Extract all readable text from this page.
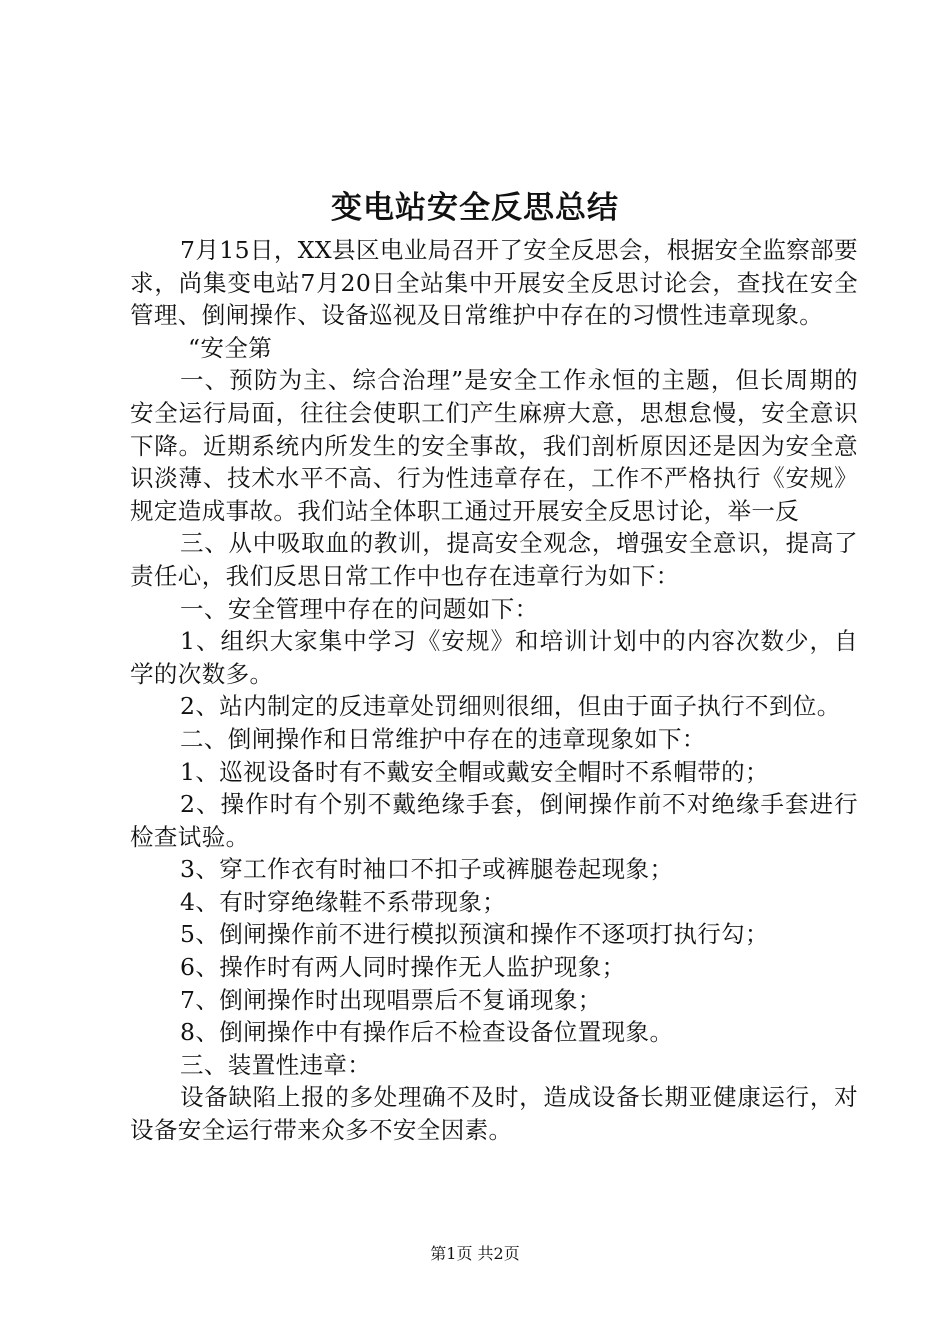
变电站安全反思总结

7月15日，XX县区电业局召开了安全反思会，根据安全监察部要求，尚集变电站7月20日全站集中开展安全反思讨论会，查找在安全管理、倒闸操作、设备巡视及日常维护中存在的习惯性违章现象。

“安全第

一、预防为主、综合治理”是安全工作永恒的主题，但长周期的安全运行局面，往往会使职工们产生麻痹大意，思想怠慢，安全意识下降。近期系统内所发生的安全事故，我们剖析原因还是因为安全意识淡薄、技术水平不高、行为性违章存在，工作不严格执行《安规》规定造成事故。我们站全体职工通过开展安全反思讨论，举一反

三、从中吸取血的教训，提高安全观念，增强安全意识，提高了责任心，我们反思日常工作中也存在违章行为如下：

一、安全管理中存在的问题如下：

1、组织大家集中学习《安规》和培训计划中的内容次数少，自学的次数多。

2、站内制定的反违章处罚细则很细，但由于面子执行不到位。

二、倒闸操作和日常维护中存在的违章现象如下：

1、巡视设备时有不戴安全帽或戴安全帽时不系帽带的；

2、操作时有个别不戴绝缘手套，倒闸操作前不对绝缘手套进行检查试验。

3、穿工作衣有时袖口不扣子或裤腿卷起现象；

4、有时穿绝缘鞋不系带现象；

5、倒闸操作前不进行模拟预演和操作不逐项打执行勾；

6、操作时有两人同时操作无人监护现象；

7、倒闸操作时出现唱票后不复诵现象；

8、倒闸操作中有操作后不检查设备位置现象。

三、装置性违章：

设备缺陷上报的多处理确不及时，造成设备长期亚健康运行，对设备安全运行带来众多不安全因素。

第1页 共2页
